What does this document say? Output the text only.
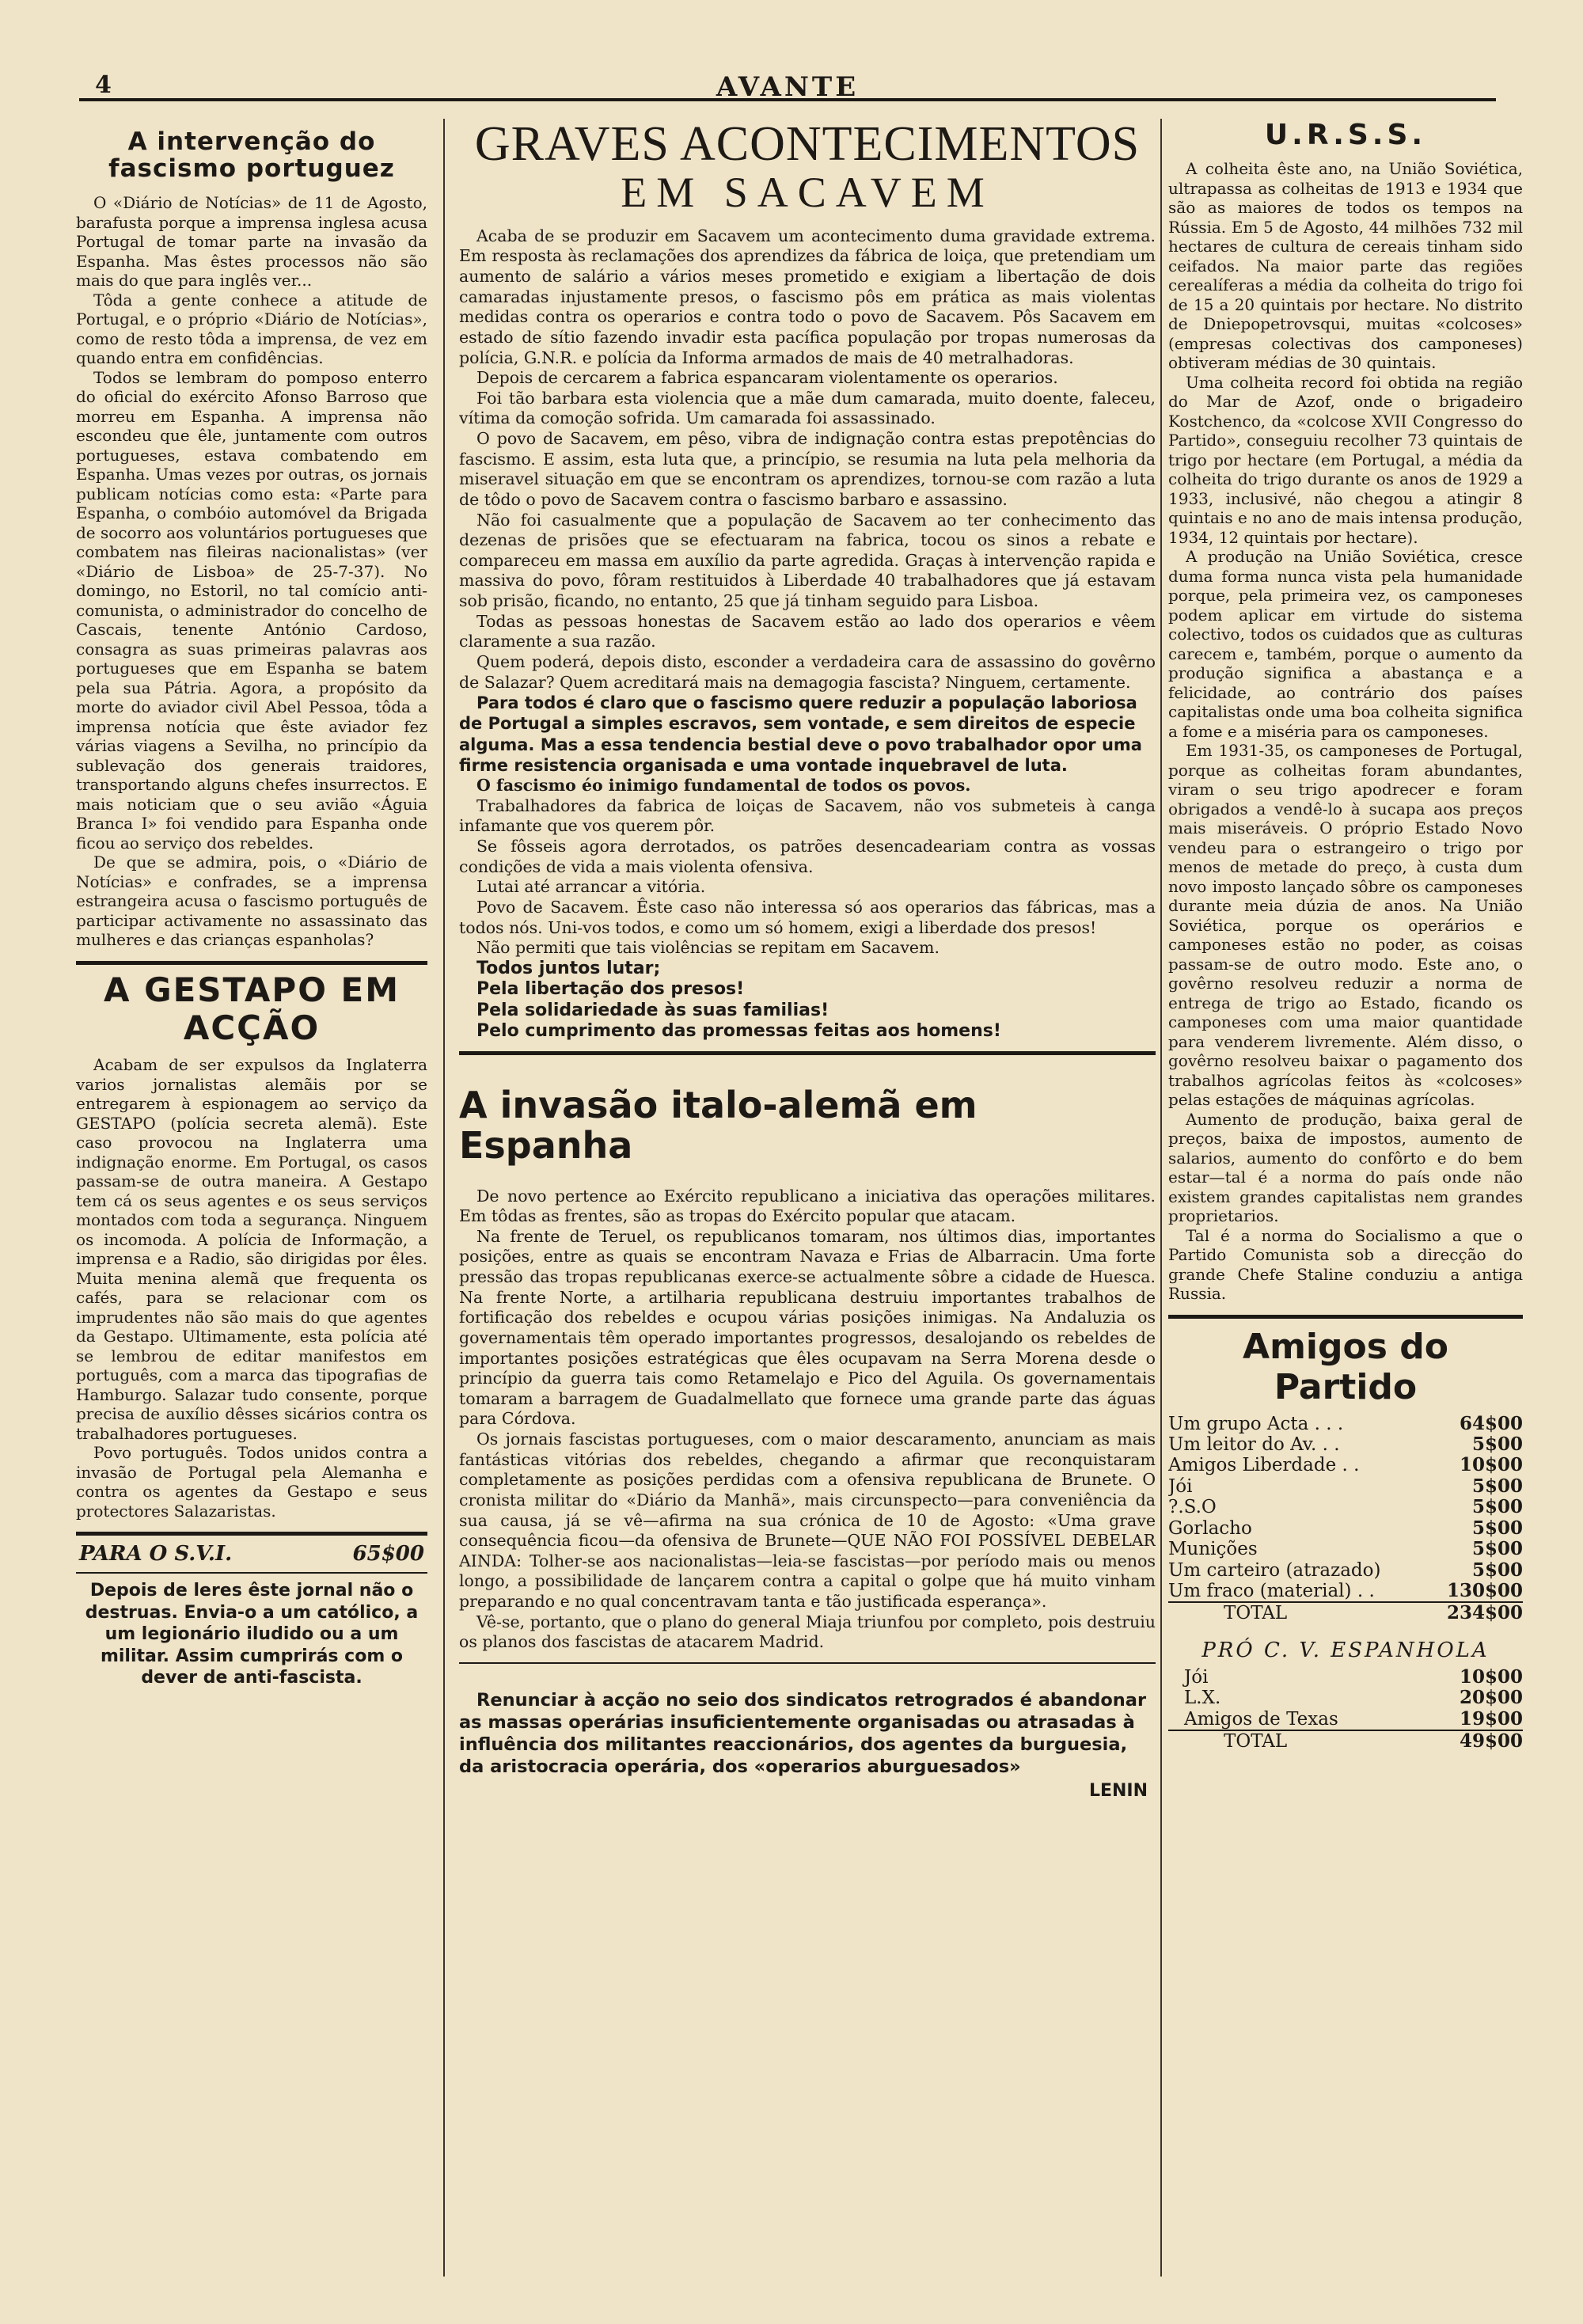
4	AVANTE
A intervenção do fascismo portuguez

O «Diário de Notícias» de 11 de Agosto, barafusta porque a imprensa inglesa acusa Portugal de tomar parte na invasão da Espanha. Mas êstes processos não são mais do que para inglês ver...

Tôda a gente conhece a atitude de Portugal, e o próprio «Diário de Notícias», como de resto tôda a imprensa, de vez em quando entra em confidências.

Todos se lembram do pomposo enterro do oficial do exército Afonso Barroso que morreu em Espanha. A imprensa não escondeu que êle, juntamente com outros portugueses, estava combatendo em Espanha. Umas vezes por outras, os jornais publicam notícias como esta: «Parte para Espanha, o combóio automóvel da Brigada de socorro aos voluntários portugueses que combatem nas fileiras nacionalistas» (ver «Diário de Lisboa» de 25-7-37). No domingo, no Estoril, no tal comício anti-comunista, o administrador do concelho de Cascais, tenente António Cardoso, consagra as suas primeiras palavras aos portugueses que em Espanha se batem pela sua Pátria. Agora, a propósito da morte do aviador civil Abel Pessoa, tôda a imprensa notícia que êste aviador fez várias viagens a Sevilha, no princípio da sublevação dos generais traidores, transportando alguns chefes insurrectos. E mais noticiam que o seu avião «Águia Branca I» foi vendido para Espanha onde ficou ao serviço dos rebeldes.

De que se admira, pois, o «Diário de Notícias» e confrades, se a imprensa estrangeira acusa o fascismo português de participar activamente no assassinato das mulheres e das crianças espanholas?

A GESTAPO EM ACÇÃO

Acabam de ser expulsos da Inglaterra varios jornalistas alemãis por se entregarem à espionagem ao serviço da GESTAPO (polícia secreta alemã). Este caso provocou na Inglaterra uma indignação enorme. Em Portugal, os casos passam-se de outra maneira. A Gestapo tem cá os seus agentes e os seus serviços montados com toda a segurança. Ninguem os incomoda. A polícia de Informação, a imprensa e a Radio, são dirigidas por êles. Muita menina alemã que frequenta os cafés, para se relacionar com os imprudentes não são mais do que agentes da Gestapo. Ultimamente, esta polícia até se lembrou de editar manifestos em português, com a marca das tipografias de Hamburgo. Salazar tudo consente, porque precisa de auxílio dêsses sicários contra os trabalhadores portugueses.

Povo português. Todos unidos contra a invasão de Portugal pela Alemanha e contra os agentes da Gestapo e seus protectores Salazaristas.

PARA O S.V.I.	65$00
Depois de leres êste jornal não o destruas. Envia-o a um católico, a um legionário iludido ou a um militar. Assim cumprirás com o dever de anti-fascista.
GRAVES ACONTECIMENTOS
EM SACAVEM

Acaba de se produzir em Sacavem um acontecimento duma gravidade extrema. Em resposta às reclamações dos aprendizes da fábrica de loiça, que pretendiam um aumento de salário a vários meses prometido e exigiam a libertação de dois camaradas injustamente presos, o fascismo pôs em prática as mais violentas medidas contra os operarios e contra todo o povo de Sacavem. Pôs Sacavem em estado de sítio fazendo invadir esta pacífica população por tropas numerosas da polícia, G.N.R. e polícia da Informa armados de mais de 40 metralhadoras.

Depois de cercarem a fabrica espancaram violentamente os operarios.

Foi tão barbara esta violencia que a mãe dum camarada, muito doente, faleceu, vítima da comoção sofrida. Um camarada foi assassinado.

O povo de Sacavem, em pêso, vibra de indignação contra estas prepotências do fascismo. E assim, esta luta que, a princípio, se resumia na luta pela melhoria da miseravel situação em que se encontram os aprendizes, tornou-se com razão a luta de tôdo o povo de Sacavem contra o fascismo barbaro e assassino.

Não foi casualmente que a população de Sacavem ao ter conhecimento das dezenas de prisões que se efectuaram na fabrica, tocou os sinos a rebate e compareceu em massa em auxílio da parte agredida. Graças à intervenção rapida e massiva do povo, fôram restituidos à Liberdade 40 trabalhadores que já estavam sob prisão, ficando, no entanto, 25 que já tinham seguido para Lisboa.

Todas as pessoas honestas de Sacavem estão ao lado dos operarios e vêem claramente a sua razão.

Quem poderá, depois disto, esconder a verdadeira cara de assassino do govêrno de Salazar? Quem acreditará mais na demagogia fascista? Ninguem, certamente.

Para todos é claro que o fascismo quere reduzir a população laboriosa de Portugal a simples escravos, sem vontade, e sem direitos de especie alguma. Mas a essa tendencia bestial deve o povo trabalhador opor uma firme resistencia organisada e uma vontade inquebravel de luta.

O fascismo éo inimigo fundamental de todos os povos.

Trabalhadores da fabrica de loiças de Sacavem, não vos submeteis à canga infamante que vos querem pôr.

Se fôsseis agora derrotados, os patrões desencadeariam contra as vossas condições de vida a mais violenta ofensiva.

Lutai até arrancar a vitória.

Povo de Sacavem. Êste caso não interessa só aos operarios das fábricas, mas a todos nós. Uni-vos todos, e como um só homem, exigi a liberdade dos presos!

Não permiti que tais violências se repitam em Sacavem.

Todos juntos lutar;

Pela libertação dos presos!

Pela solidariedade às suas familias!

Pelo cumprimento das promessas feitas aos homens!

A invasão italo-alemã em Espanha

De novo pertence ao Exército republicano a iniciativa das operações militares. Em tôdas as frentes, são as tropas do Exército popular que atacam.

Na frente de Teruel, os republicanos tomaram, nos últimos dias, importantes posições, entre as quais se encontram Navaza e Frias de Albarracin. Uma forte pressão das tropas republicanas exerce-se actualmente sôbre a cidade de Huesca. Na frente Norte, a artilharia republicana destruiu importantes trabalhos de fortificação dos rebeldes e ocupou várias posições inimigas. Na Andaluzia os governamentais têm operado importantes progressos, desalojando os rebeldes de importantes posições estratégicas que êles ocupavam na Serra Morena desde o princípio da guerra tais como Retamelajo e Pico del Aguila. Os governamentais tomaram a barragem de Guadalmellato que fornece uma grande parte das águas para Córdova.

Os jornais fascistas portugueses, com o maior descaramento, anunciam as mais fantásticas vitórias dos rebeldes, chegando a afirmar que reconquistaram completamente as posições perdidas com a ofensiva republicana de Brunete. O cronista militar do «Diário da Manhã», mais circunspecto—para conveniência da sua causa, já se vê—afirma na sua crónica de 10 de Agosto: «Uma grave consequência ficou—da ofensiva de Brunete—QUE NÃO FOI POSSÍVEL DEBELAR AINDA: Tolher-se aos nacionalistas—leia-se fascistas—por período mais ou menos longo, a possibilidade de lançarem contra a capital o golpe que há muito vinham preparando e no qual concentravam tanta e tão justificada esperança».

Vê-se, portanto, que o plano do general Miaja triunfou por completo, pois destruiu os planos dos fascistas de atacarem Madrid.

Renunciar à acção no seio dos sindicatos retrogrados é abandonar as massas operárias insuficientemente organisadas ou atrasadas à influência dos militantes reaccionários, dos agentes da burguesia, da aristocracia operária, dos «operarios aburguesados»

LENIN
U.R.S.S.

A colheita êste ano, na União Soviética, ultrapassa as colheitas de 1913 e 1934 que são as maiores de todos os tempos na Rússia. Em 5 de Agosto, 44 milhões 732 mil hectares de cultura de cereais tinham sido ceifados. Na maior parte das regiões cerealíferas a média da colheita do trigo foi de 15 a 20 quintais por hectare. No distrito de Dniepopetrovsqui, muitas «colcoses» (empresas colectivas dos camponeses) obtiveram médias de 30 quintais.

Uma colheita record foi obtida na região do Mar de Azof, onde o brigadeiro Kostchenco, da «colcose XVII Congresso do Partido», conseguiu recolher 73 quintais de trigo por hectare (em Portugal, a média da colheita do trigo durante os anos de 1929 a 1933, inclusivé, não chegou a atingir 8 quintais e no ano de mais intensa produção, 1934, 12 quintais por hectare).

A produção na União Soviética, cresce duma forma nunca vista pela humanidade porque, pela primeira vez, os camponeses podem aplicar em virtude do sistema colectivo, todos os cuidados que as culturas carecem e, também, porque o aumento da produção significa a abastança e a felicidade, ao contrário dos países capitalistas onde uma boa colheita significa a fome e a miséria para os camponeses.

Em 1931-35, os camponeses de Portugal, porque as colheitas foram abundantes, viram o seu trigo apodrecer e foram obrigados a vendê-lo à sucapa aos preços mais miseráveis. O próprio Estado Novo vendeu para o estrangeiro o trigo por menos de metade do preço, à custa dum novo imposto lançado sôbre os camponeses durante meia dúzia de anos. Na União Soviética, porque os operários e camponeses estão no poder, as coisas passam-se de outro modo. Este ano, o govêrno resolveu reduzir a norma de entrega de trigo ao Estado, ficando os camponeses com uma maior quantidade para venderem livremente. Além disso, o govêrno resolveu baixar o pagamento dos trabalhos agrícolas feitos às «colcoses» pelas estações de máquinas agrícolas.

Aumento de produção, baixa geral de preços, baixa de impostos, aumento de salarios, aumento do confôrto e do bem estar—tal é a norma do país onde não existem grandes capitalistas nem grandes proprietarios.

Tal é a norma do Socialismo a que o Partido Comunista sob a direcção do grande Chefe Staline conduziu a antiga Russia.

Amigos do Partido
Um grupo Acta . . .	64$00
Um leitor do Av. . .	5$00
Amigos Liberdade . .	10$00
Jói	5$00
?.S.O	5$00
Gorlacho	5$00
Munições	5$00
Um carteiro (atrazado)	5$00
Um fraco (material) . .	130$00
TOTAL	234$00
PRÓ C. V. ESPANHOLA
Jói	10$00
L.X.	20$00
Amigos de Texas	19$00
TOTAL	49$00
